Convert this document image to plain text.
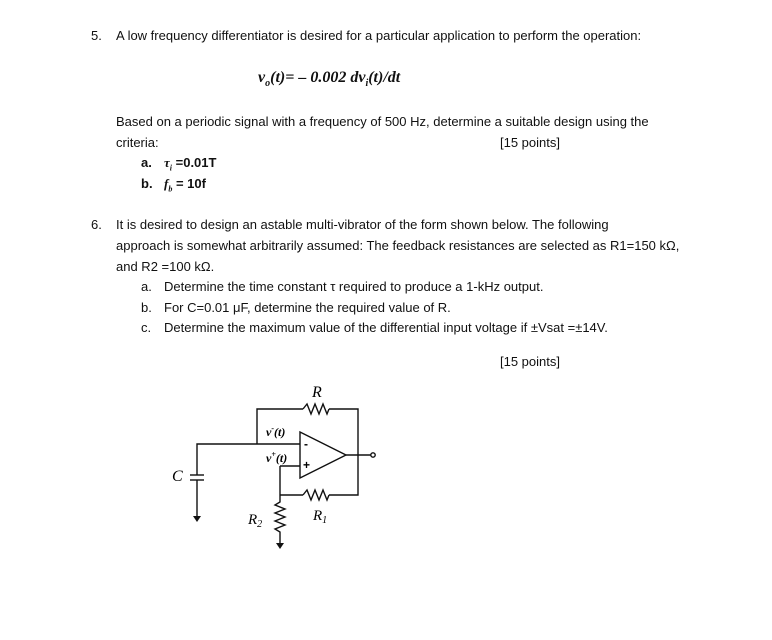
5. A low frequency differentiator is desired for a particular application to perform the operation:
$v_o(t)= - 0.002$ $dv_i(t)/dt$
Based on a periodic signal with a frequency of 500 Hz, determine a suitable design using the
criteria:	[15 points]
a. $\tau_i =0.01T$
b. $f_b = 10f$
6. It is desired to design an astable multi-vibrator of the form shown below. The following
approach is somewhat arbitrarily assumed: The feedback resistances are selected as R1=150 kΩ,
and R2 =100 kΩ.
a. Determine the time constant τ required to produce a 1-kHz output.
b. For C=0.01 μF, determine the required value of R.
c. Determine the maximum value of the differential input voltage if ±Vsat =±14V.
[15 points]
R
C
$R_1$
$R_2$
v-(t)
v+(t)
-
+
